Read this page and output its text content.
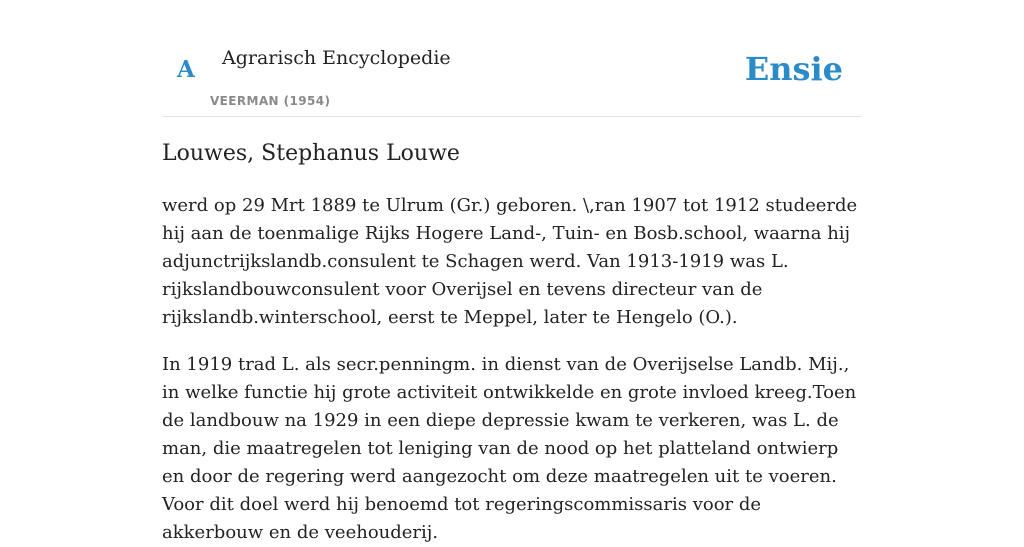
A Agrarisch Encyclopedie
VEERMAN (1954)
Ensie
Louwes, Stephanus Louwe

werd op 29 Mrt 1889 te Ulrum (Gr.) geboren. \,ran 1907 tot 1912 studeerde hij aan de toenmalige Rijks Hogere Land-, Tuin- en Bosb.school, waarna hij adjunctrijkslandb.consulent te Schagen werd. Van 1913-1919 was L. rijkslandbouwconsulent voor Overijsel en tevens directeur van de rijkslandb.winterschool, eerst te Meppel, later te Hengelo (O.).

In 1919 trad L. als secr.penningm. in dienst van de Overijselse Landb. Mij., in welke functie hij grote activiteit ontwikkelde en grote invloed kreeg.Toen de landbouw na 1929 in een diepe depressie kwam te verkeren, was L. de man, die maatregelen tot leniging van de nood op het platteland ontwierp en door de regering werd aangezocht om deze maatregelen uit te voeren. Voor dit doel werd hij benoemd tot regeringscommissaris voor de akkerbouw en de veehouderij.
